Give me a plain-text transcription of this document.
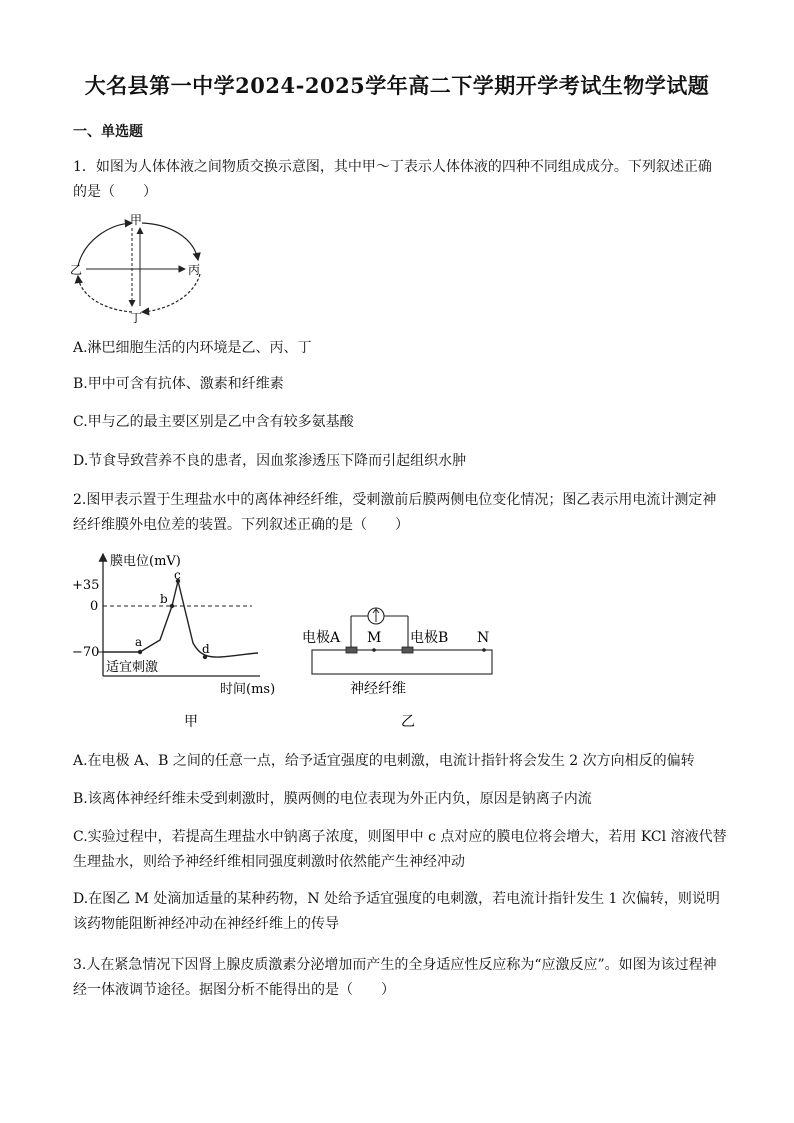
大名县第一中学2024-2025学年高二下学期开学考试生物学试题
一、单选题

1．如图为人体体液之间物质交换示意图，其中甲～丁表示人体体液的四种不同组成成分。下列叙述正确的是（　　）

甲
乙	丙
丁

A.淋巴细胞生活的内环境是乙、丙、丁

B.甲中可含有抗体、激素和纤维素

C.甲与乙的最主要区别是乙中含有较多氨基酸

D.节食导致营养不良的患者，因血浆渗透压下降而引起组织水肿

2.图甲表示置于生理盐水中的离体神经纤维，受刺激前后膜两侧电位变化情况；图乙表示用电流计测定神经纤维膜外电位差的装置。下列叙述正确的是（　　）

膜电位(mV)
时间(ms)
+35
0
−70
a
b
c
d
适宜刺激
甲
电极A M 电极B N
神经纤维
乙

A.在电极 A、B 之间的任意一点，给予适宜强度的电刺激，电流计指针将会发生 2 次方向相反的偏转

B.该离体神经纤维未受到刺激时，膜两侧的电位表现为外正内负，原因是钠离子内流

C.实验过程中，若提高生理盐水中钠离子浓度，则图甲中 c 点对应的膜电位将会增大，若用 KCl 溶液代替生理盐水，则给予神经纤维相同强度刺激时依然能产生神经冲动

D.在图乙 M 处滴加适量的某种药物，N 处给予适宜强度的电刺激，若电流计指针发生 1 次偏转，则说明该药物能阻断神经冲动在神经纤维上的传导

3.人在紧急情况下因肾上腺皮质激素分泌增加而产生的全身适应性反应称为“应激反应”。如图为该过程神经一体液调节途径。据图分析不能得出的是（　　）
